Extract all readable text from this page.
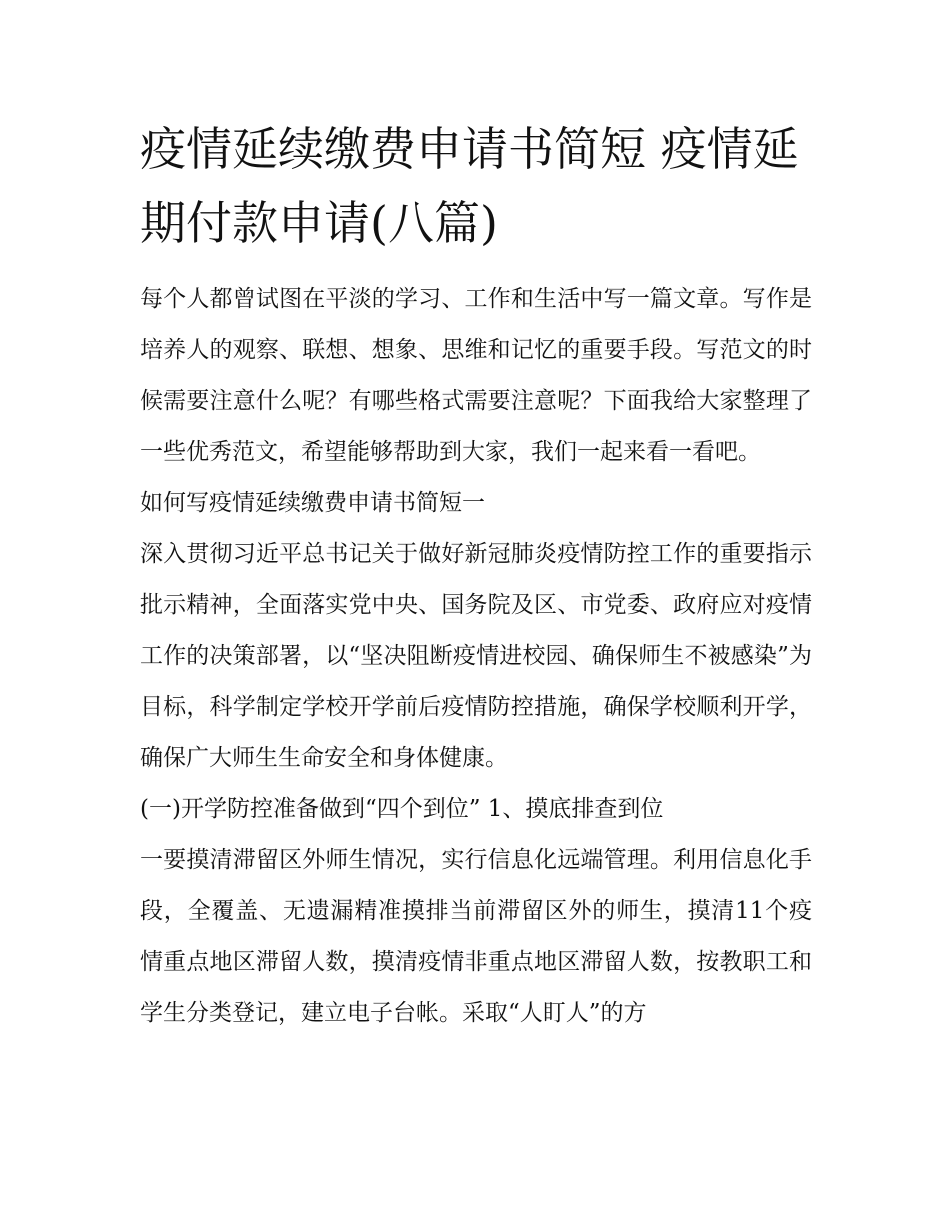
疫情延续缴费申请书简短 疫情延期付款申请(八篇)

每个人都曾试图在平淡的学习、工作和生活中写一篇文章。写作是培养人的观察、联想、想象、思维和记忆的重要手段。写范文的时候需要注意什么呢？有哪些格式需要注意呢？下面我给大家整理了一些优秀范文，希望能够帮助到大家，我们一起来看一看吧。

如何写疫情延续缴费申请书简短一

深入贯彻习近平总书记关于做好新冠肺炎疫情防控工作的重要指示批示精神，全面落实党中央、国务院及区、市党委、政府应对疫情工作的决策部署，以“坚决阻断疫情进校园、确保师生不被感染”为目标，科学制定学校开学前后疫情防控措施，确保学校顺利开学，确保广大师生生命安全和身体健康。

(一)开学防控准备做到“四个到位” 1、摸底排查到位

一要摸清滞留区外师生情况，实行信息化远端管理。利用信息化手段，全覆盖、无遗漏精准摸排当前滞留区外的师生，摸清11个疫情重点地区滞留人数，摸清疫情非重点地区滞留人数，按教职工和学生分类登记，建立电子台帐。采取“人盯人”的方
